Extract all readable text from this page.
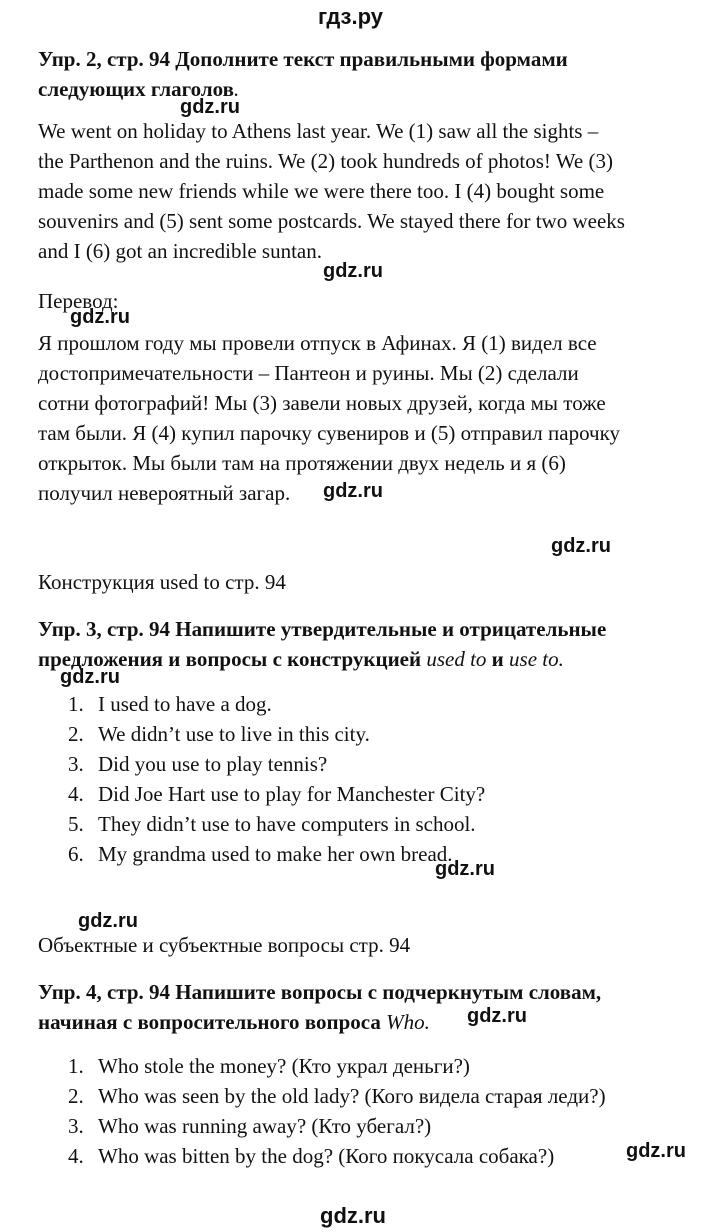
гдз.ру
Упр. 2, стр. 94 Дополните текст правильными формами
следующих глаголов.
gdz.ru
We went on holiday to Athens last year. We (1) saw all the sights –
the Parthenon and the ruins. We (2) took hundreds of photos! We (3)
made some new friends while we were there too. I (4) bought some
souvenirs and (5) sent some postcards. We stayed there for two weeks
and I (6) got an incredible suntan.
gdz.ru
Перевод:
gdz.ru
Я прошлом году мы провели отпуск в Афинах. Я (1) видел все
достопримечательности – Пантеон и руины. Мы (2) сделали
сотни фотографий! Мы (3) завели новых друзей, когда мы тоже
там были. Я (4) купил парочку сувениров и (5) отправил парочку
открыток. Мы были там на протяжении двух недель и я (6)
получил невероятный загар. gdz.ru
gdz.ru
Конструкция used to стр. 94
Упр. 3, стр. 94 Напишите утвердительные и отрицательные
предложения и вопросы с конструкцией used to и use to.
gdz.ru
1. I used to have a dog.
2. We didn’t use to live in this city.
3. Did you use to play tennis?
4. Did Joe Hart use to play for Manchester City?
5. They didn’t use to have computers in school.
6. My grandma used to make her own bread.
gdz.ru
gdz.ru
Объектные и субъектные вопросы стр. 94
Упр. 4, стр. 94 Напишите вопросы с подчеркнутым словам,
начиная с вопросительного вопроса Who. gdz.ru
1. Who stole the money? (Кто украл деньги?)
2. Who was seen by the old lady? (Кого видела старая леди?)
3. Who was running away? (Кто убегал?)
4. Who was bitten by the dog? (Кого покусала собака?)	gdz.ru
gdz.ru
